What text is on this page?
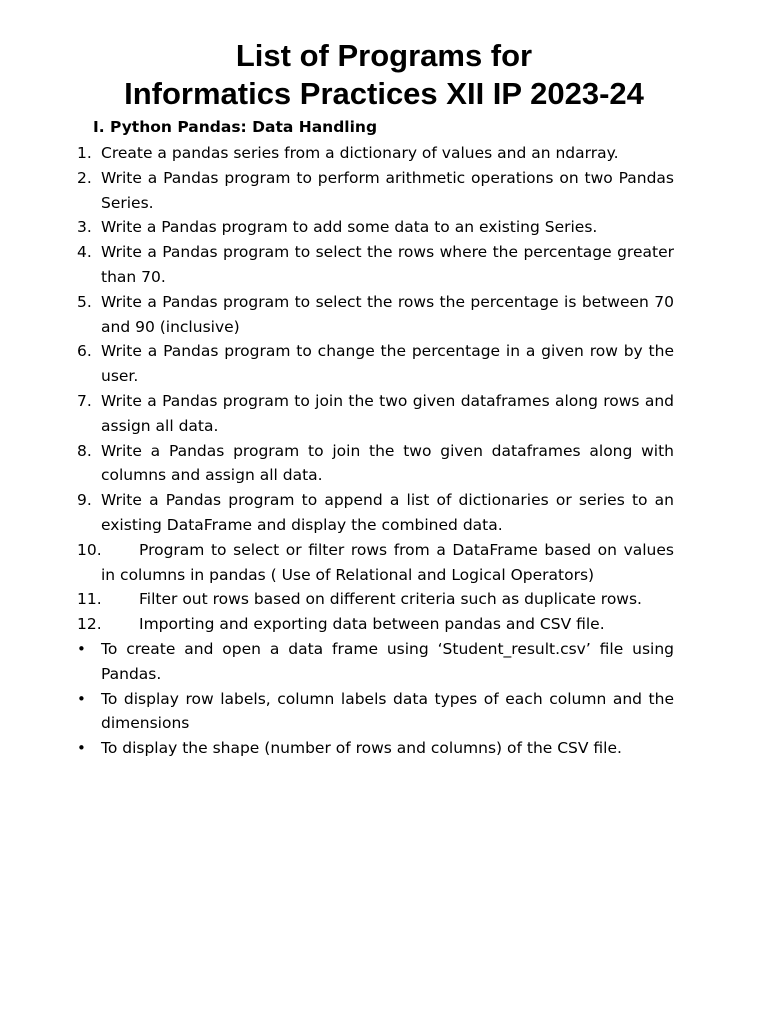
List of Programs for
Informatics Practices XII IP 2023-24
I. Python Pandas: Data Handling
1. Create a pandas series from a dictionary of values and an ndarray.
2. Write a Pandas program to perform arithmetic operations on two Pandas Series.
3. Write a Pandas program to add some data to an existing Series.
4. Write a Pandas program to select the rows where the percentage greater than 70.
5. Write a Pandas program to select the rows the percentage is between 70 and 90 (inclusive)
6. Write a Pandas program to change the percentage in a given row by the user.
7. Write a Pandas program to join the two given dataframes along rows and assign all data.
8. Write a Pandas program to join the two given dataframes along with columns and assign all data.
9. Write a Pandas program to append a list of dictionaries or series to an existing DataFrame and display the combined data.
10.	Program to select or filter rows from a DataFrame based on values in columns in pandas ( Use of Relational and Logical Operators)
11.	Filter out rows based on different criteria such as duplicate rows.
12.	Importing and exporting data between pandas and CSV file.
• To create and open a data frame using ‘Student_result.csv’ file using Pandas.
• To display row labels, column labels data types of each column and the dimensions
• To display the shape (number of rows and columns) of the CSV file.
